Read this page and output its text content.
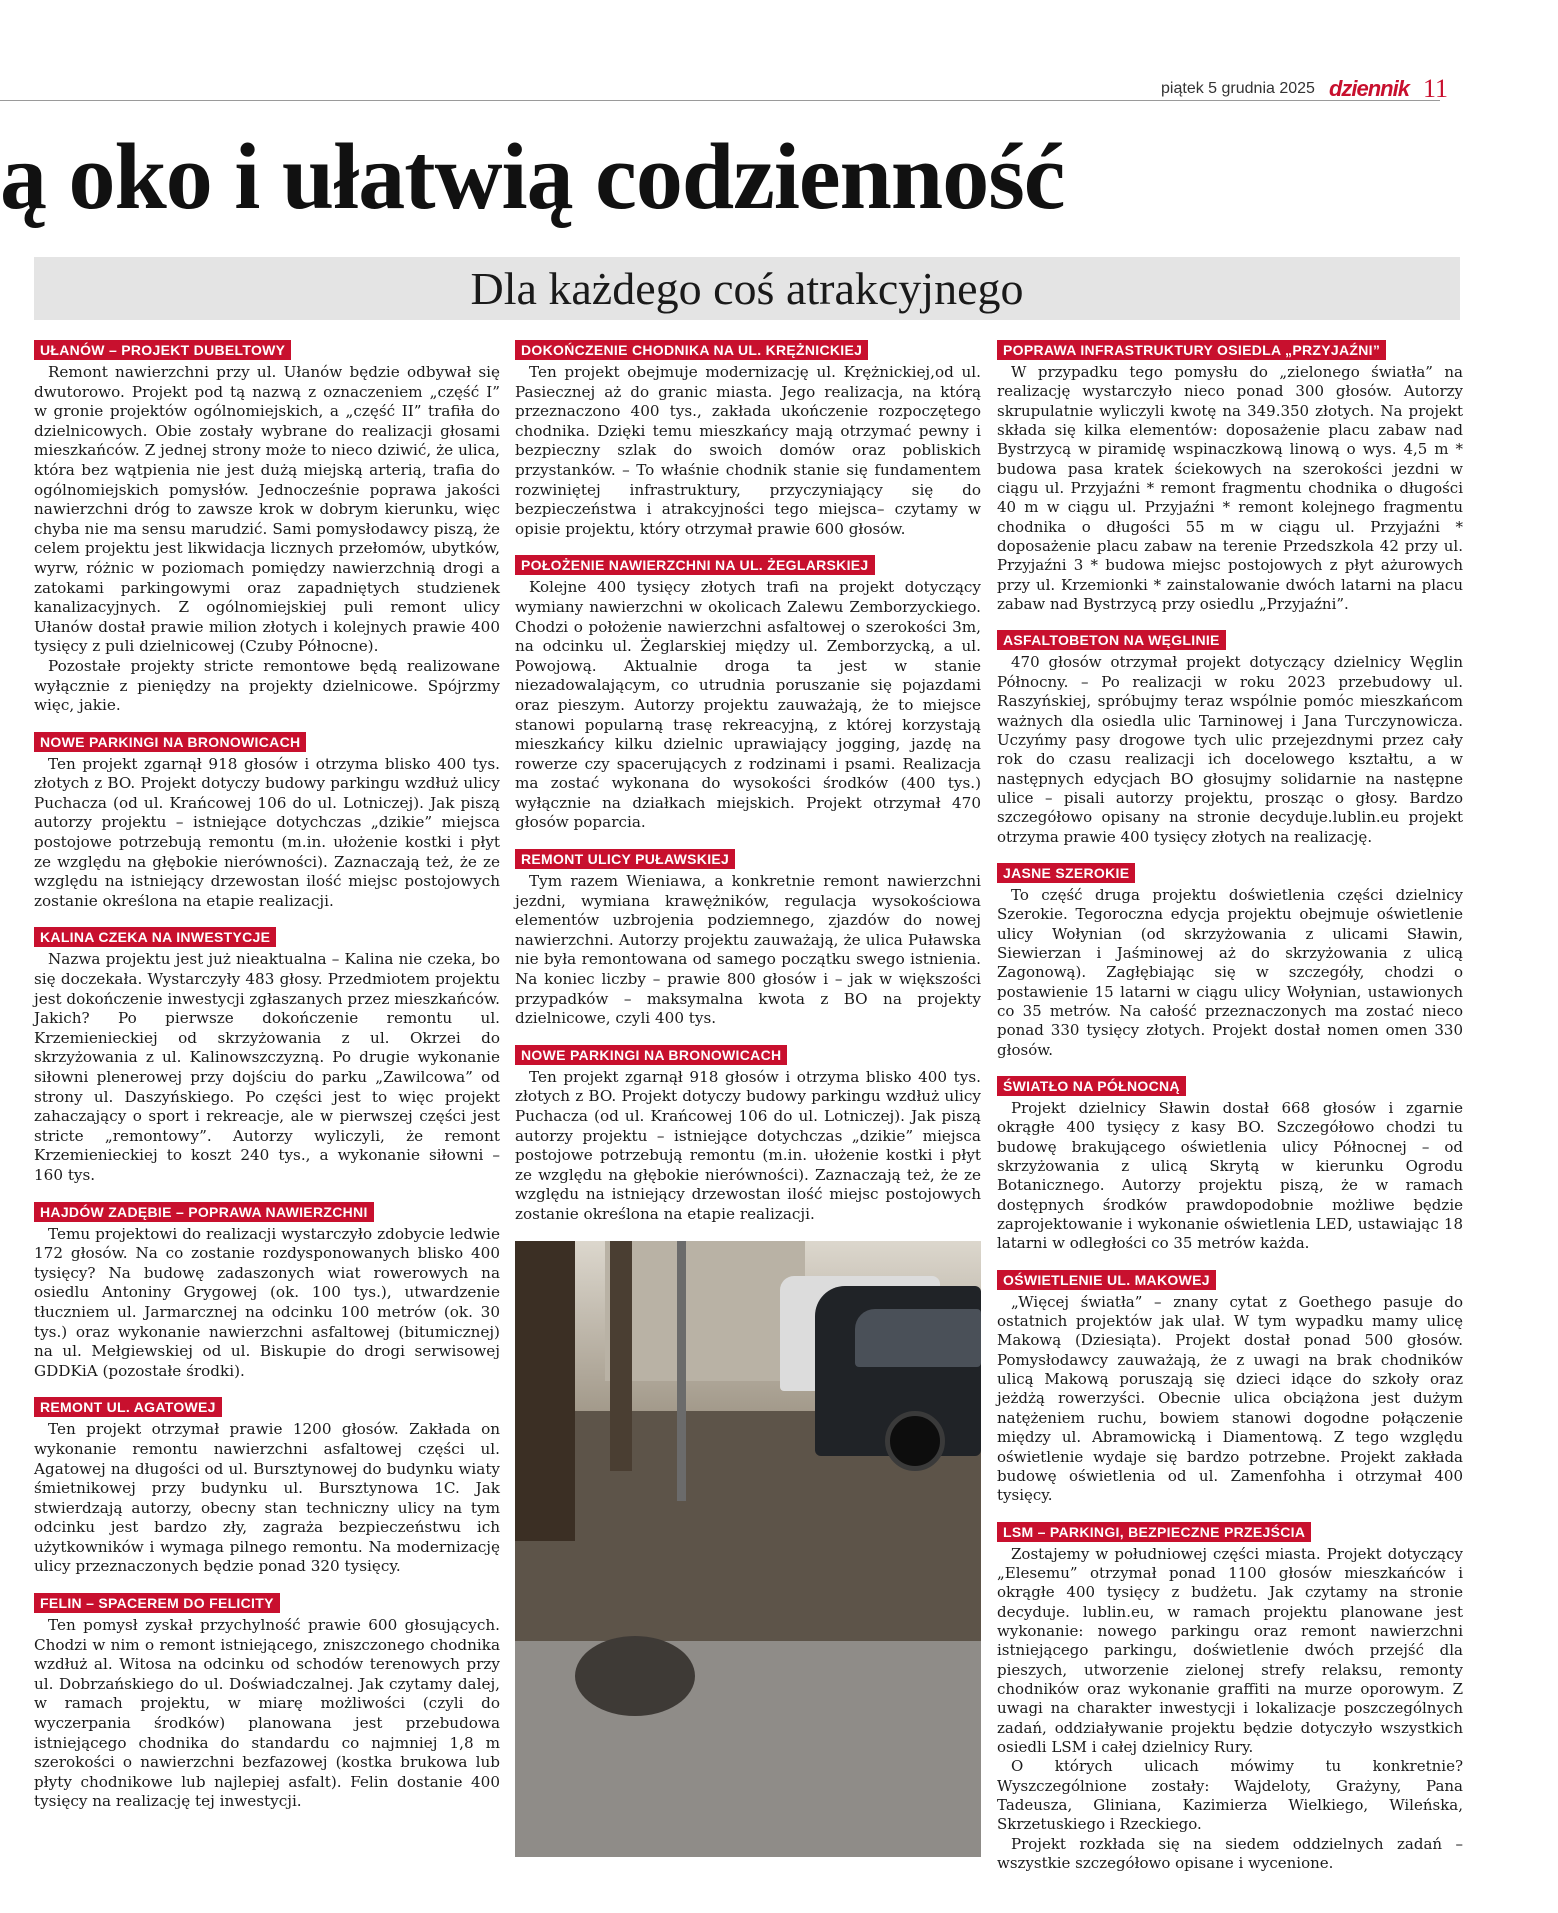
piątek 5 grudnia 2025 dziennik 11
ą oko i ułatwią codzienność
Dla każdego coś atrakcyjnego
UŁANÓW – PROJEKT DUBELTOWY

Remont nawierzchni przy ul. Ułanów będzie odbywał się dwutorowo. Projekt pod tą nazwą z oznaczeniem „część I” w gronie projektów ogólnomiejskich, a „część II” trafiła do dzielnicowych. Obie zostały wybrane do realizacji głosami mieszkańców. Z jednej strony może to nieco dziwić, że ulica, która bez wątpienia nie jest dużą miejską arterią, trafia do ogólnomiejskich pomysłów. Jednocześnie poprawa jakości nawierzchni dróg to zawsze krok w dobrym kierunku, więc chyba nie ma sensu marudzić. Sami pomysłodawcy piszą, że celem projektu jest likwidacja licznych przełomów, ubytków, wyrw, różnic w poziomach pomiędzy nawierzchnią drogi a zatokami parkingowymi oraz zapadniętych studzienek kanalizacyjnych. Z ogólnomiejskiej puli remont ulicy Ułanów dostał prawie milion złotych i kolejnych prawie 400 tysięcy z puli dzielnicowej (Czuby Północne).

Pozostałe projekty stricte remontowe będą realizowane wyłącznie z pieniędzy na projekty dzielnicowe. Spójrzmy więc, jakie.

NOWE PARKINGI NA BRONOWICACH

Ten projekt zgarnął 918 głosów i otrzyma blisko 400 tys. złotych z BO. Projekt dotyczy budowy parkingu wzdłuż ulicy Puchacza (od ul. Krańcowej 106 do ul. Lotniczej). Jak piszą autorzy projektu – istniejące dotychczas „dzikie” miejsca postojowe potrzebują remontu (m.in. ułożenie kostki i płyt ze względu na głębokie nierówności). Zaznaczają też, że ze względu na istniejący drzewostan ilość miejsc postojowych zostanie określona na etapie realizacji.

KALINA CZEKA NA INWESTYCJE

Nazwa projektu jest już nieaktualna – Kalina nie czeka, bo się doczekała. Wystarczyły 483 głosy. Przedmiotem projektu jest dokończenie inwestycji zgłaszanych przez mieszkańców. Jakich? Po pierwsze dokończenie remontu ul. Krzemienieckiej od skrzyżowania z ul. Okrzei do skrzyżowania z ul. Kalinowszczyzną. Po drugie wykonanie siłowni plenerowej przy dojściu do parku „Zawilcowa” od strony ul. Daszyńskiego. Po części jest to więc projekt zahaczający o sport i rekreacje, ale w pierwszej części jest stricte „remontowy”. Autorzy wyliczyli, że remont Krzemienieckiej to koszt 240 tys., a wykonanie siłowni – 160 tys.

HAJDÓW ZADĘBIE – POPRAWA NAWIERZCHNI

Temu projektowi do realizacji wystarczyło zdobycie ledwie 172 głosów. Na co zostanie rozdysponowanych blisko 400 tysięcy? Na budowę zadaszonych wiat rowerowych na osiedlu Antoniny Grygowej (ok. 100 tys.), utwardzenie tłuczniem ul. Jarmarcznej na odcinku 100 metrów (ok. 30 tys.) oraz wykonanie nawierzchni asfaltowej (bitumicznej) na ul. Mełgiewskiej od ul. Biskupie do drogi serwisowej GDDKiA (pozostałe środki).

REMONT UL. AGATOWEJ

Ten projekt otrzymał prawie 1200 głosów. Zakłada on wykonanie remontu nawierzchni asfaltowej części ul. Agatowej na długości od ul. Bursztynowej do budynku wiaty śmietnikowej przy budynku ul. Bursztynowa 1C. Jak stwierdzają autorzy, obecny stan techniczny ulicy na tym odcinku jest bardzo zły, zagraża bezpieczeństwu ich użytkowników i wymaga pilnego remontu. Na modernizację ulicy przeznaczonych będzie ponad 320 tysięcy.

FELIN – SPACEREM DO FELICITY

Ten pomysł zyskał przychylność prawie 600 głosujących. Chodzi w nim o remont istniejącego, zniszczonego chodnika wzdłuż al. Witosa na odcinku od schodów terenowych przy ul. Dobrzańskiego do ul. Doświadczalnej. Jak czytamy dalej, w ramach projektu, w miarę możliwości (czyli do wyczerpania środków) planowana jest przebudowa istniejącego chodnika do standardu co najmniej 1,8 m szerokości o nawierzchni bezfazowej (kostka brukowa lub płyty chodnikowe lub najlepiej asfalt). Felin dostanie 400 tysięcy na realizację tej inwestycji.

DOKOŃCZENIE CHODNIKA NA UL. KRĘŻNICKIEJ

Ten projekt obejmuje modernizację ul. Krężnickiej,od ul. Pasiecznej aż do granic miasta. Jego realizacja, na którą przeznaczono 400 tys., zakłada ukończenie rozpoczętego chodnika. Dzięki temu mieszkańcy mają otrzymać pewny i bezpieczny szlak do swoich domów oraz pobliskich przystanków. – To właśnie chodnik stanie się fundamentem rozwiniętej infrastruktury, przyczyniający się do bezpieczeństwa i atrakcyjności tego miejsca– czytamy w opisie projektu, który otrzymał prawie 600 głosów.

POŁOŻENIE NAWIERZCHNI NA UL. ŻEGLARSKIEJ

Kolejne 400 tysięcy złotych trafi na projekt dotyczący wymiany nawierzchni w okolicach Zalewu Zemborzyckiego. Chodzi o położenie nawierzchni asfaltowej o szerokości 3m, na odcinku ul. Żeglarskiej między ul. Zemborzycką, a ul. Powojową. Aktualnie droga ta jest w stanie niezadowalającym, co utrudnia poruszanie się pojazdami oraz pieszym. Autorzy projektu zauważają, że to miejsce stanowi popularną trasę rekreacyjną, z której korzystają mieszkańcy kilku dzielnic uprawiający jogging, jazdę na rowerze czy spacerujących z rodzinami i psami. Realizacja ma zostać wykonana do wysokości środków (400 tys.) wyłącznie na działkach miejskich. Projekt otrzymał 470 głosów poparcia.

REMONT ULICY PUŁAWSKIEJ

Tym razem Wieniawa, a konkretnie remont nawierzchni jezdni, wymiana krawężników, regulacja wysokościowa elementów uzbrojenia podziemnego, zjazdów do nowej nawierzchni. Autorzy projektu zauważają, że ulica Puławska nie była remontowana od samego początku swego istnienia. Na koniec liczby – prawie 800 głosów i – jak w większości przypadków – maksymalna kwota z BO na projekty dzielnicowe, czyli 400 tys.

NOWE PARKINGI NA BRONOWICACH

Ten projekt zgarnął 918 głosów i otrzyma blisko 400 tys. złotych z BO. Projekt dotyczy budowy parkingu wzdłuż ulicy Puchacza (od ul. Krańcowej 106 do ul. Lotniczej). Jak piszą autorzy projektu – istniejące dotychczas „dzikie” miejsca postojowe potrzebują remontu (m.in. ułożenie kostki i płyt ze względu na głębokie nierówności). Zaznaczają też, że ze względu na istniejący drzewostan ilość miejsc postojowych zostanie określona na etapie realizacji.

POPRAWA INFRASTRUKTURY OSIEDLA „PRZYJAŹNI”

W przypadku tego pomysłu do „zielonego światła” na realizację wystarczyło nieco ponad 300 głosów. Autorzy skrupulatnie wyliczyli kwotę na 349.350 złotych. Na projekt składa się kilka elementów: doposażenie placu zabaw nad Bystrzycą w piramidę wspinaczkową linową o wys. 4,5 m * budowa pasa kratek ściekowych na szerokości jezdni w ciągu ul. Przyjaźni * remont fragmentu chodnika o długości 40 m w ciągu ul. Przyjaźni * remont kolejnego fragmentu chodnika o długości 55 m w ciągu ul. Przyjaźni * doposażenie placu zabaw na terenie Przedszkola 42 przy ul. Przyjaźni 3 * budowa miejsc postojowych z płyt ażurowych przy ul. Krzemionki * zainstalowanie dwóch latarni na placu zabaw nad Bystrzycą przy osiedlu „Przyjaźni”.

ASFALTOBETON NA WĘGLINIE

470 głosów otrzymał projekt dotyczący dzielnicy Węglin Północny. – Po realizacji w roku 2023 przebudowy ul. Raszyńskiej, spróbujmy teraz wspólnie pomóc mieszkańcom ważnych dla osiedla ulic Tarninowej i Jana Turczynowicza. Uczyńmy pasy drogowe tych ulic przejezdnymi przez cały rok do czasu realizacji ich docelowego kształtu, a w następnych edycjach BO głosujmy solidarnie na następne ulice – pisali autorzy projektu, prosząc o głosy. Bardzo szczegółowo opisany na stronie decyduje.lublin.eu projekt otrzyma prawie 400 tysięcy złotych na realizację.

JASNE SZEROKIE

To część druga projektu doświetlenia części dzielnicy Szerokie. Tegoroczna edycja projektu obejmuje oświetlenie ulicy Wołynian (od skrzyżowania z ulicami Sławin, Siewierzan i Jaśminowej aż do skrzyżowania z ulicą Zagonową). Zagłębiając się w szczegóły, chodzi o postawienie 15 latarni w ciągu ulicy Wołynian, ustawionych co 35 metrów. Na całość przeznaczonych ma zostać nieco ponad 330 tysięcy złotych. Projekt dostał nomen omen 330 głosów.

ŚWIATŁO NA PÓŁNOCNĄ

Projekt dzielnicy Sławin dostał 668 głosów i zgarnie okrągłe 400 tysięcy z kasy BO. Szczegółowo chodzi tu budowę brakującego oświetlenia ulicy Północnej – od skrzyżowania z ulicą Skrytą w kierunku Ogrodu Botanicznego. Autorzy projektu piszą, że w ramach dostępnych środków prawdopodobnie możliwe będzie zaprojektowanie i wykonanie oświetlenia LED, ustawiając 18 latarni w odległości co 35 metrów każda.

OŚWIETLENIE UL. MAKOWEJ

„Więcej światła” – znany cytat z Goethego pasuje do ostatnich projektów jak ulał. W tym wypadku mamy ulicę Makową (Dziesiąta). Projekt dostał ponad 500 głosów. Pomysłodawcy zauważają, że z uwagi na brak chodników ulicą Makową poruszają się dzieci idące do szkoły oraz jeżdżą rowerzyści. Obecnie ulica obciążona jest dużym natężeniem ruchu, bowiem stanowi dogodne połączenie między ul. Abramowicką i Diamentową. Z tego względu oświetlenie wydaje się bardzo potrzebne. Projekt zakłada budowę oświetlenia od ul. Zamenfohha i otrzymał 400 tysięcy.

LSM – PARKINGI, BEZPIECZNE PRZEJŚCIA

Zostajemy w południowej części miasta. Projekt dotyczący „Elesemu” otrzymał ponad 1100 głosów mieszkańców i okrągłe 400 tysięcy z budżetu. Jak czytamy na stronie decyduje. lublin.eu, w ramach projektu planowane jest wykonanie: nowego parkingu oraz remont nawierzchni istniejącego parkingu, doświetlenie dwóch przejść dla pieszych, utworzenie zielonej strefy relaksu, remonty chodników oraz wykonanie graffiti na murze oporowym. Z uwagi na charakter inwestycji i lokalizacje poszczególnych zadań, oddziaływanie projektu będzie dotyczyło wszystkich osiedli LSM i całej dzielnicy Rury.

O których ulicach mówimy tu konkretnie? Wyszczególnione zostały: Wajdeloty, Grażyny, Pana Tadeusza, Gliniana, Kazimierza Wielkiego, Wileńska, Skrzetuskiego i Rzeckiego.

Projekt rozkłada się na siedem oddzielnych zadań – wszystkie szczegółowo opisane i wycenione.
